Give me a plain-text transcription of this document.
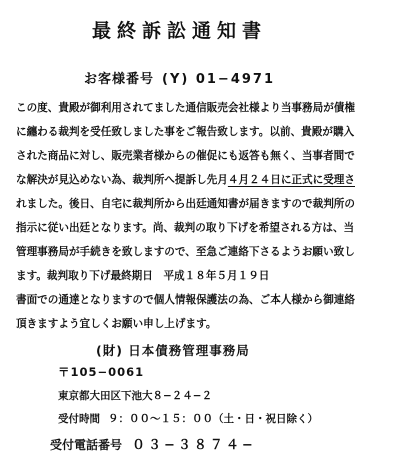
最終訴訟通知書
お客様番号 (Y) 01−4971
この度、貴殿が御利用されてました通信販売会社様より当事務局が債権
に纏わる裁判を受任致しました事をご報告致します。以前、貴殿が購入
された商品に対し、販売業者様からの催促にも返答も無く、当事者間で
な解決が見込めない為、裁判所へ提訴し先月４月２４日に正式に受理さ
れました。後日、自宅に裁判所から出廷通知書が届きますので裁判所の
指示に従い出廷となります。尚、裁判の取り下げを希望される方は、当
管理事務局が手続きを致しますので、至急ご連絡下さるようお願い致し
ます。裁判取り下げ最終期日　平成１８年５月１９日
書面での通達となりますので個人情報保護法の為、ご本人様から御連絡
頂きますよう宜しくお願い申し上げます。
(財) 日本債務管理事務局
〒105−0061
東京都大田区下池大８−２４−２
受付時間 ９：００〜１５：００（土・日・祝日除く）
受付電話番号 ０３−３８７４−
